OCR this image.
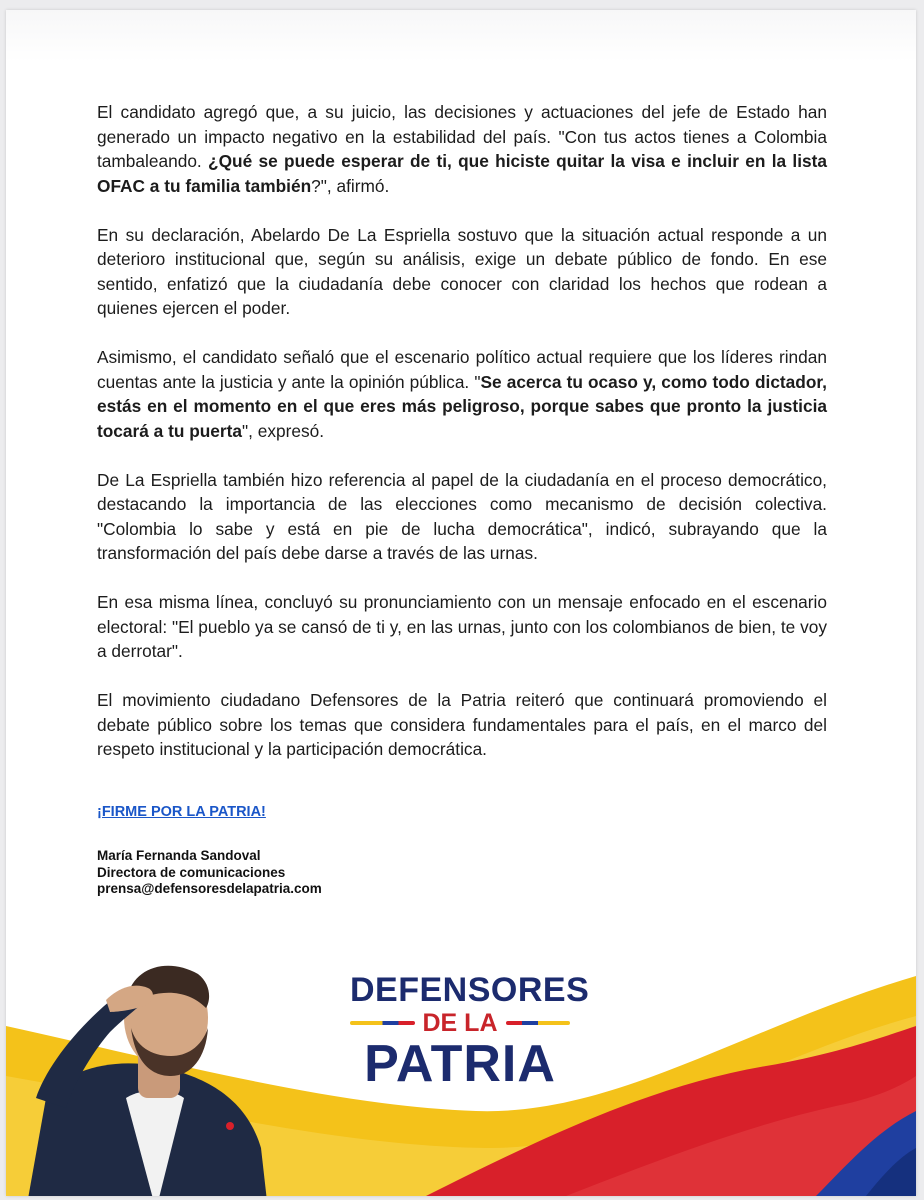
El candidato agregó que, a su juicio, las decisiones y actuaciones del jefe de Estado han generado un impacto negativo en la estabilidad del país. "Con tus actos tienes a Colombia tambaleando. ¿Qué se puede esperar de ti, que hiciste quitar la visa e incluir en la lista OFAC a tu familia también?", afirmó.

En su declaración, Abelardo De La Espriella sostuvo que la situación actual responde a un deterioro institucional que, según su análisis, exige un debate público de fondo. En ese sentido, enfatizó que la ciudadanía debe conocer con claridad los hechos que rodean a quienes ejercen el poder.

Asimismo, el candidato señaló que el escenario político actual requiere que los líderes rindan cuentas ante la justicia y ante la opinión pública. "Se acerca tu ocaso y, como todo dictador, estás en el momento en el que eres más peligroso, porque sabes que pronto la justicia tocará a tu puerta", expresó.

De La Espriella también hizo referencia al papel de la ciudadanía en el proceso democrático, destacando la importancia de las elecciones como mecanismo de decisión colectiva. "Colombia lo sabe y está en pie de lucha democrática", indicó, subrayando que la transformación del país debe darse a través de las urnas.

En esa misma línea, concluyó su pronunciamiento con un mensaje enfocado en el escenario electoral: "El pueblo ya se cansó de ti y, en las urnas, junto con los colombianos de bien, te voy a derrotar".

El movimiento ciudadano Defensores de la Patria reiteró que continuará promoviendo el debate público sobre los temas que considera fundamentales para el país, en el marco del respeto institucional y la participación democrática.

¡FIRME POR LA PATRIA!
María Fernanda Sandoval
Directora de comunicaciones
prensa@defensoresdelapatria.com
DEFENSORES
DE LA
PATRIA
